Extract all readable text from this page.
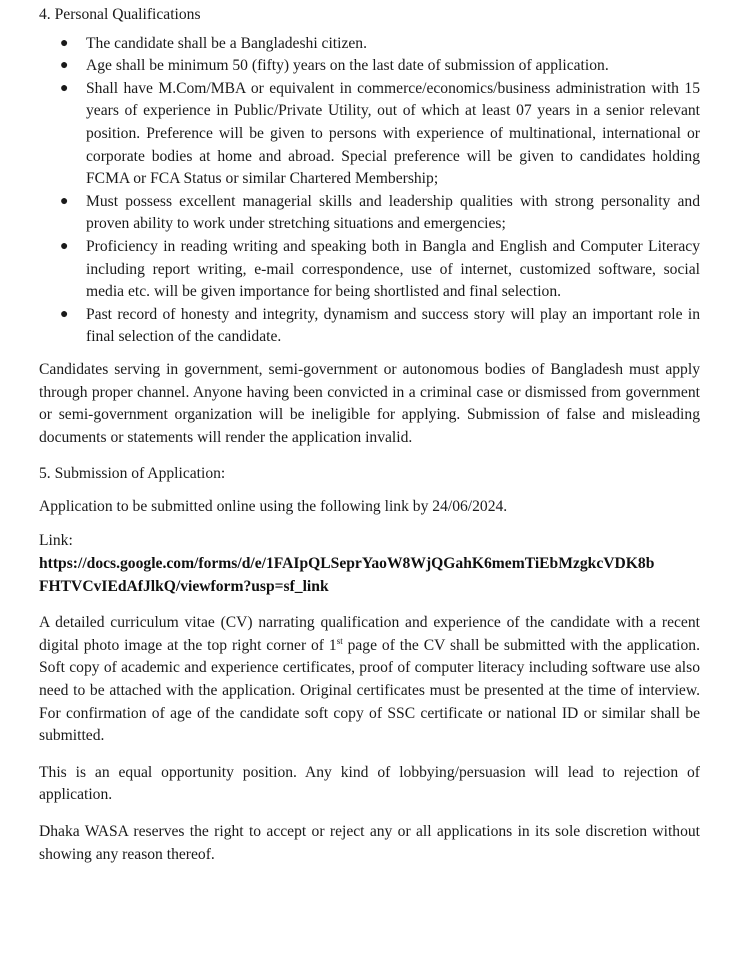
4. Personal Qualifications
● The candidate shall be a Bangladeshi citizen.
● Age shall be minimum 50 (fifty) years on the last date of submission of application.
● Shall have M.Com/MBA or equivalent in commerce/economics/business administration with 15 years of experience in Public/Private Utility, out of which at least 07 years in a senior relevant position. Preference will be given to persons with experience of multinational, international or corporate bodies at home and abroad. Special preference will be given to candidates holding FCMA or FCA Status or similar Chartered Membership;
● Must possess excellent managerial skills and leadership qualities with strong personality and proven ability to work under stretching situations and emergencies;
● Proficiency in reading writing and speaking both in Bangla and English and Computer Literacy including report writing, e-mail correspondence, use of internet, customized software, social media etc. will be given importance for being shortlisted and final selection.
● Past record of honesty and integrity, dynamism and success story will play an important role in final selection of the candidate.

Candidates serving in government, semi-government or autonomous bodies of Bangladesh must apply through proper channel. Anyone having been convicted in a criminal case or dismissed from government or semi-government organization will be ineligible for applying. Submission of false and misleading documents or statements will render the application invalid.

5. Submission of Application:

Application to be submitted online using the following link by 24/06/2024.

Link:
https://docs.google.com/forms/d/e/1FAIpQLSeprYaoW8WjQGahK6memTiEbMzgkcVDK8bFHTVCvIEdAfJlkQ/viewform?usp=sf_link

A detailed curriculum vitae (CV) narrating qualification and experience of the candidate with a recent digital photo image at the top right corner of 1st page of the CV shall be submitted with the application. Soft copy of academic and experience certificates, proof of computer literacy including software use also need to be attached with the application. Original certificates must be presented at the time of interview. For confirmation of age of the candidate soft copy of SSC certificate or national ID or similar shall be submitted.

This is an equal opportunity position. Any kind of lobbying/persuasion will lead to rejection of application.

Dhaka WASA reserves the right to accept or reject any or all applications in its sole discretion without showing any reason thereof.
